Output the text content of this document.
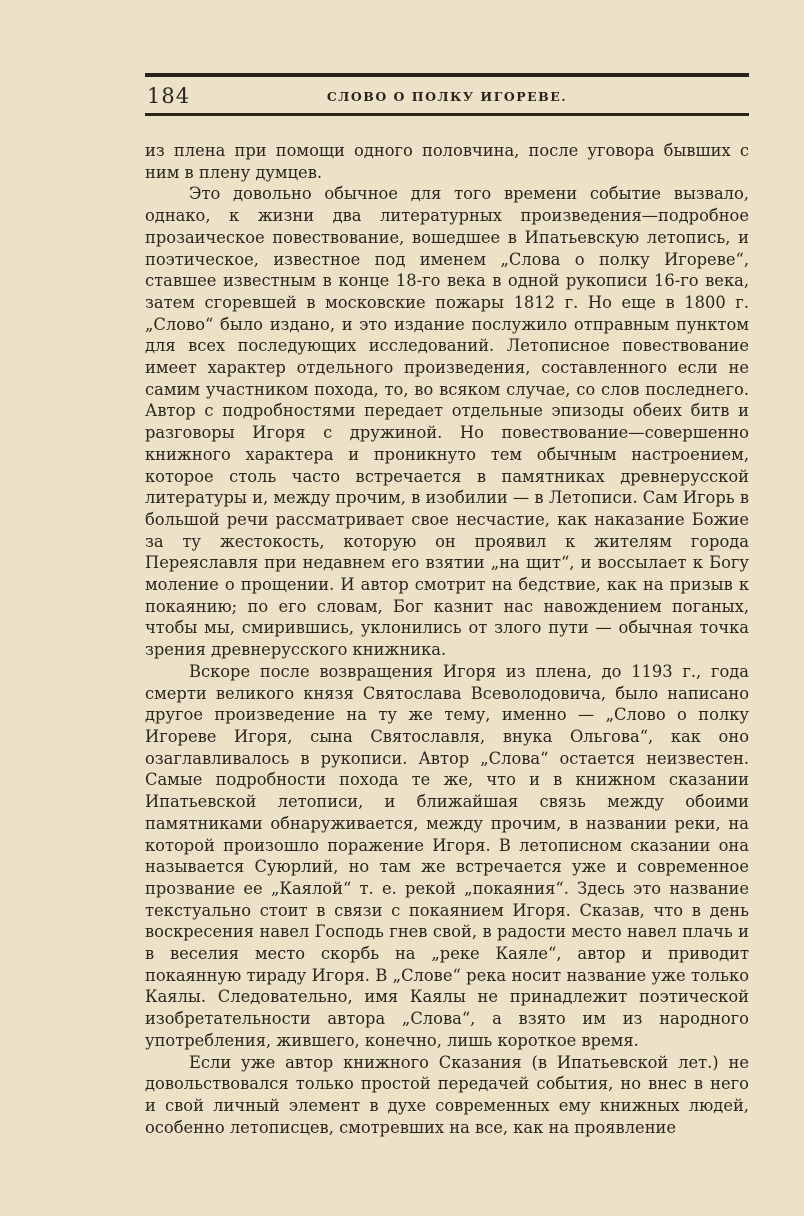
184	СЛОВО О ПОЛКУ ИГОРЕВЕ.

из плена при помощи одного половчина, после уговора бывших с ним в плену думцев.

Это довольно обычное для того времени событие вызвало, однако, к жизни два литературных произведения—подробное прозаическое повествование, вошедшее в Ипатьевскую летопись, и поэтическое, известное под именем „Слова о полку Игореве“, ставшее известным в конце 18-го века в одной рукописи 16-го века, затем сгоревшей в московские пожары 1812 г. Но еще в 1800 г. „Слово“ было издано, и это издание послужило отправным пунктом для всех последующих исследований. Летописное повествование имеет характер отдельного произведения, составленного если не самим участником похода, то, во всяком случае, со слов последнего. Автор с подробностями передает отдельные эпизоды обеих битв и разговоры Игоря с дружиной. Но повествование—совершенно книжного характера и проникнуто тем обычным настроением, которое столь часто встречается в памятниках древнерусской литературы и, между прочим, в изобилии — в Летописи. Сам Игорь в большой речи рассматривает свое несчастие, как наказание Божие за ту жестокость, которую он проявил к жителям города Переяславля при недавнем его взятии „на щит“, и воссылает к Богу моление о прощении. И автор смотрит на бедствие, как на призыв к покаянию; по его словам, Бог казнит нас навождением поганых, чтобы мы, смирившись, уклонились от злого пути — обычная точка зрения древнерусского книжника.

Вскоре после возвращения Игоря из плена, до 1193 г., года смерти великого князя Святослава Всеволодовича, было написано другое произведение на ту же тему, именно — „Слово о полку Игореве Игоря, сына Святославля, внука Ольгова“, как оно озаглавливалось в рукописи. Автор „Слова“ остается неизвестен. Самые подробности похода те же, что и в книжном сказании Ипатьевской летописи, и ближайшая связь между обоими памятниками обнаруживается, между прочим, в названии реки, на которой произошло поражение Игоря. В летописном сказании она называется Суюрлий, но там же встречается уже и современное прозвание ее „Каялой“ т. е. рекой „покаяния“. Здесь это название текстуально стоит в связи с покаянием Игоря. Сказав, что в день воскресения навел Господь гнев свой, в радости место навел плачь и в веселия место скорбь на „реке Каяле“, автор и приводит покаянную тираду Игоря. В „Слове“ река носит название уже только Каялы. Следовательно, имя Каялы не принадлежит поэтической изобретательности автора „Слова“, а взято им из народного употребления, жившего, конечно, лишь короткое время.

Если уже автор книжного Сказания (в Ипатьевской лет.) не довольствовался только простой передачей события, но внес в него и свой личный элемент в духе современных ему книжных людей, особенно летописцев, смотревших на все, как на проявление
